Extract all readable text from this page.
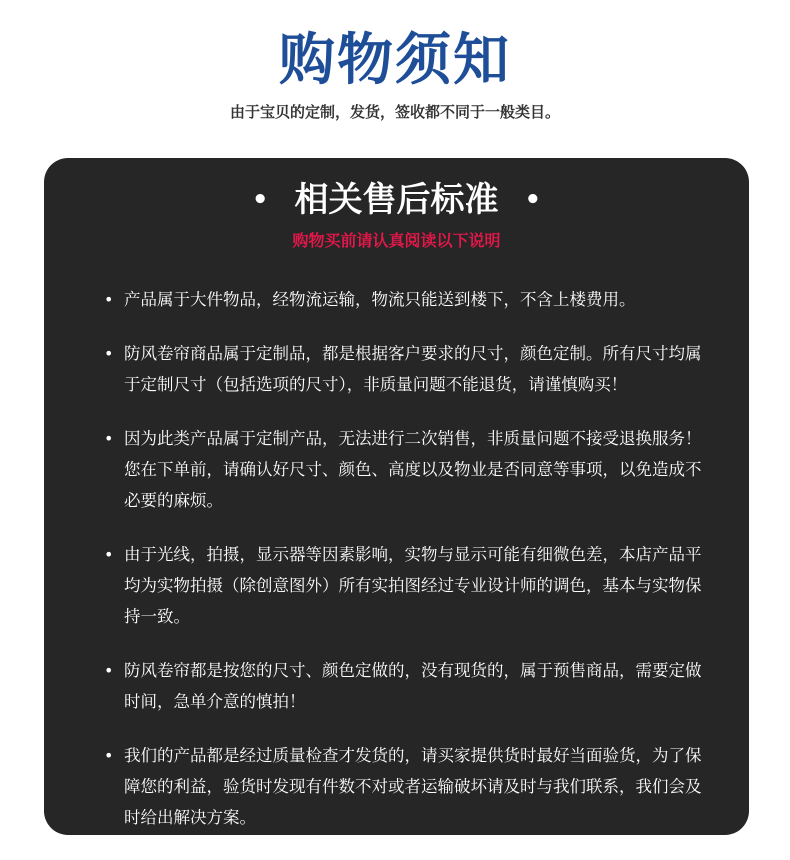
购物须知
由于宝贝的定制，发货，签收都不同于一般类目。
• 相关售后标准 •
购物买前请认真阅读以下说明
• 产品属于大件物品，经物流运输，物流只能送到楼下，不含上楼费用。
• 防风卷帘商品属于定制品，都是根据客户要求的尺寸，颜色定制。所有尺寸均属于定制尺寸（包括选项的尺寸），非质量问题不能退货，请谨慎购买！
• 因为此类产品属于定制产品，无法进行二次销售，非质量问题不接受退换服务！您在下单前，请确认好尺寸、颜色、高度以及物业是否同意等事项，以免造成不必要的麻烦。
• 由于光线，拍摄，显示器等因素影响，实物与显示可能有细微色差，本店产品平均为实物拍摄（除创意图外）所有实拍图经过专业设计师的调色，基本与实物保持一致。
• 防风卷帘都是按您的尺寸、颜色定做的，没有现货的，属于预售商品，需要定做时间，急单介意的慎拍！
• 我们的产品都是经过质量检查才发货的，请买家提供货时最好当面验货，为了保障您的利益，验货时发现有件数不对或者运输破坏请及时与我们联系，我们会及时给出解决方案。
